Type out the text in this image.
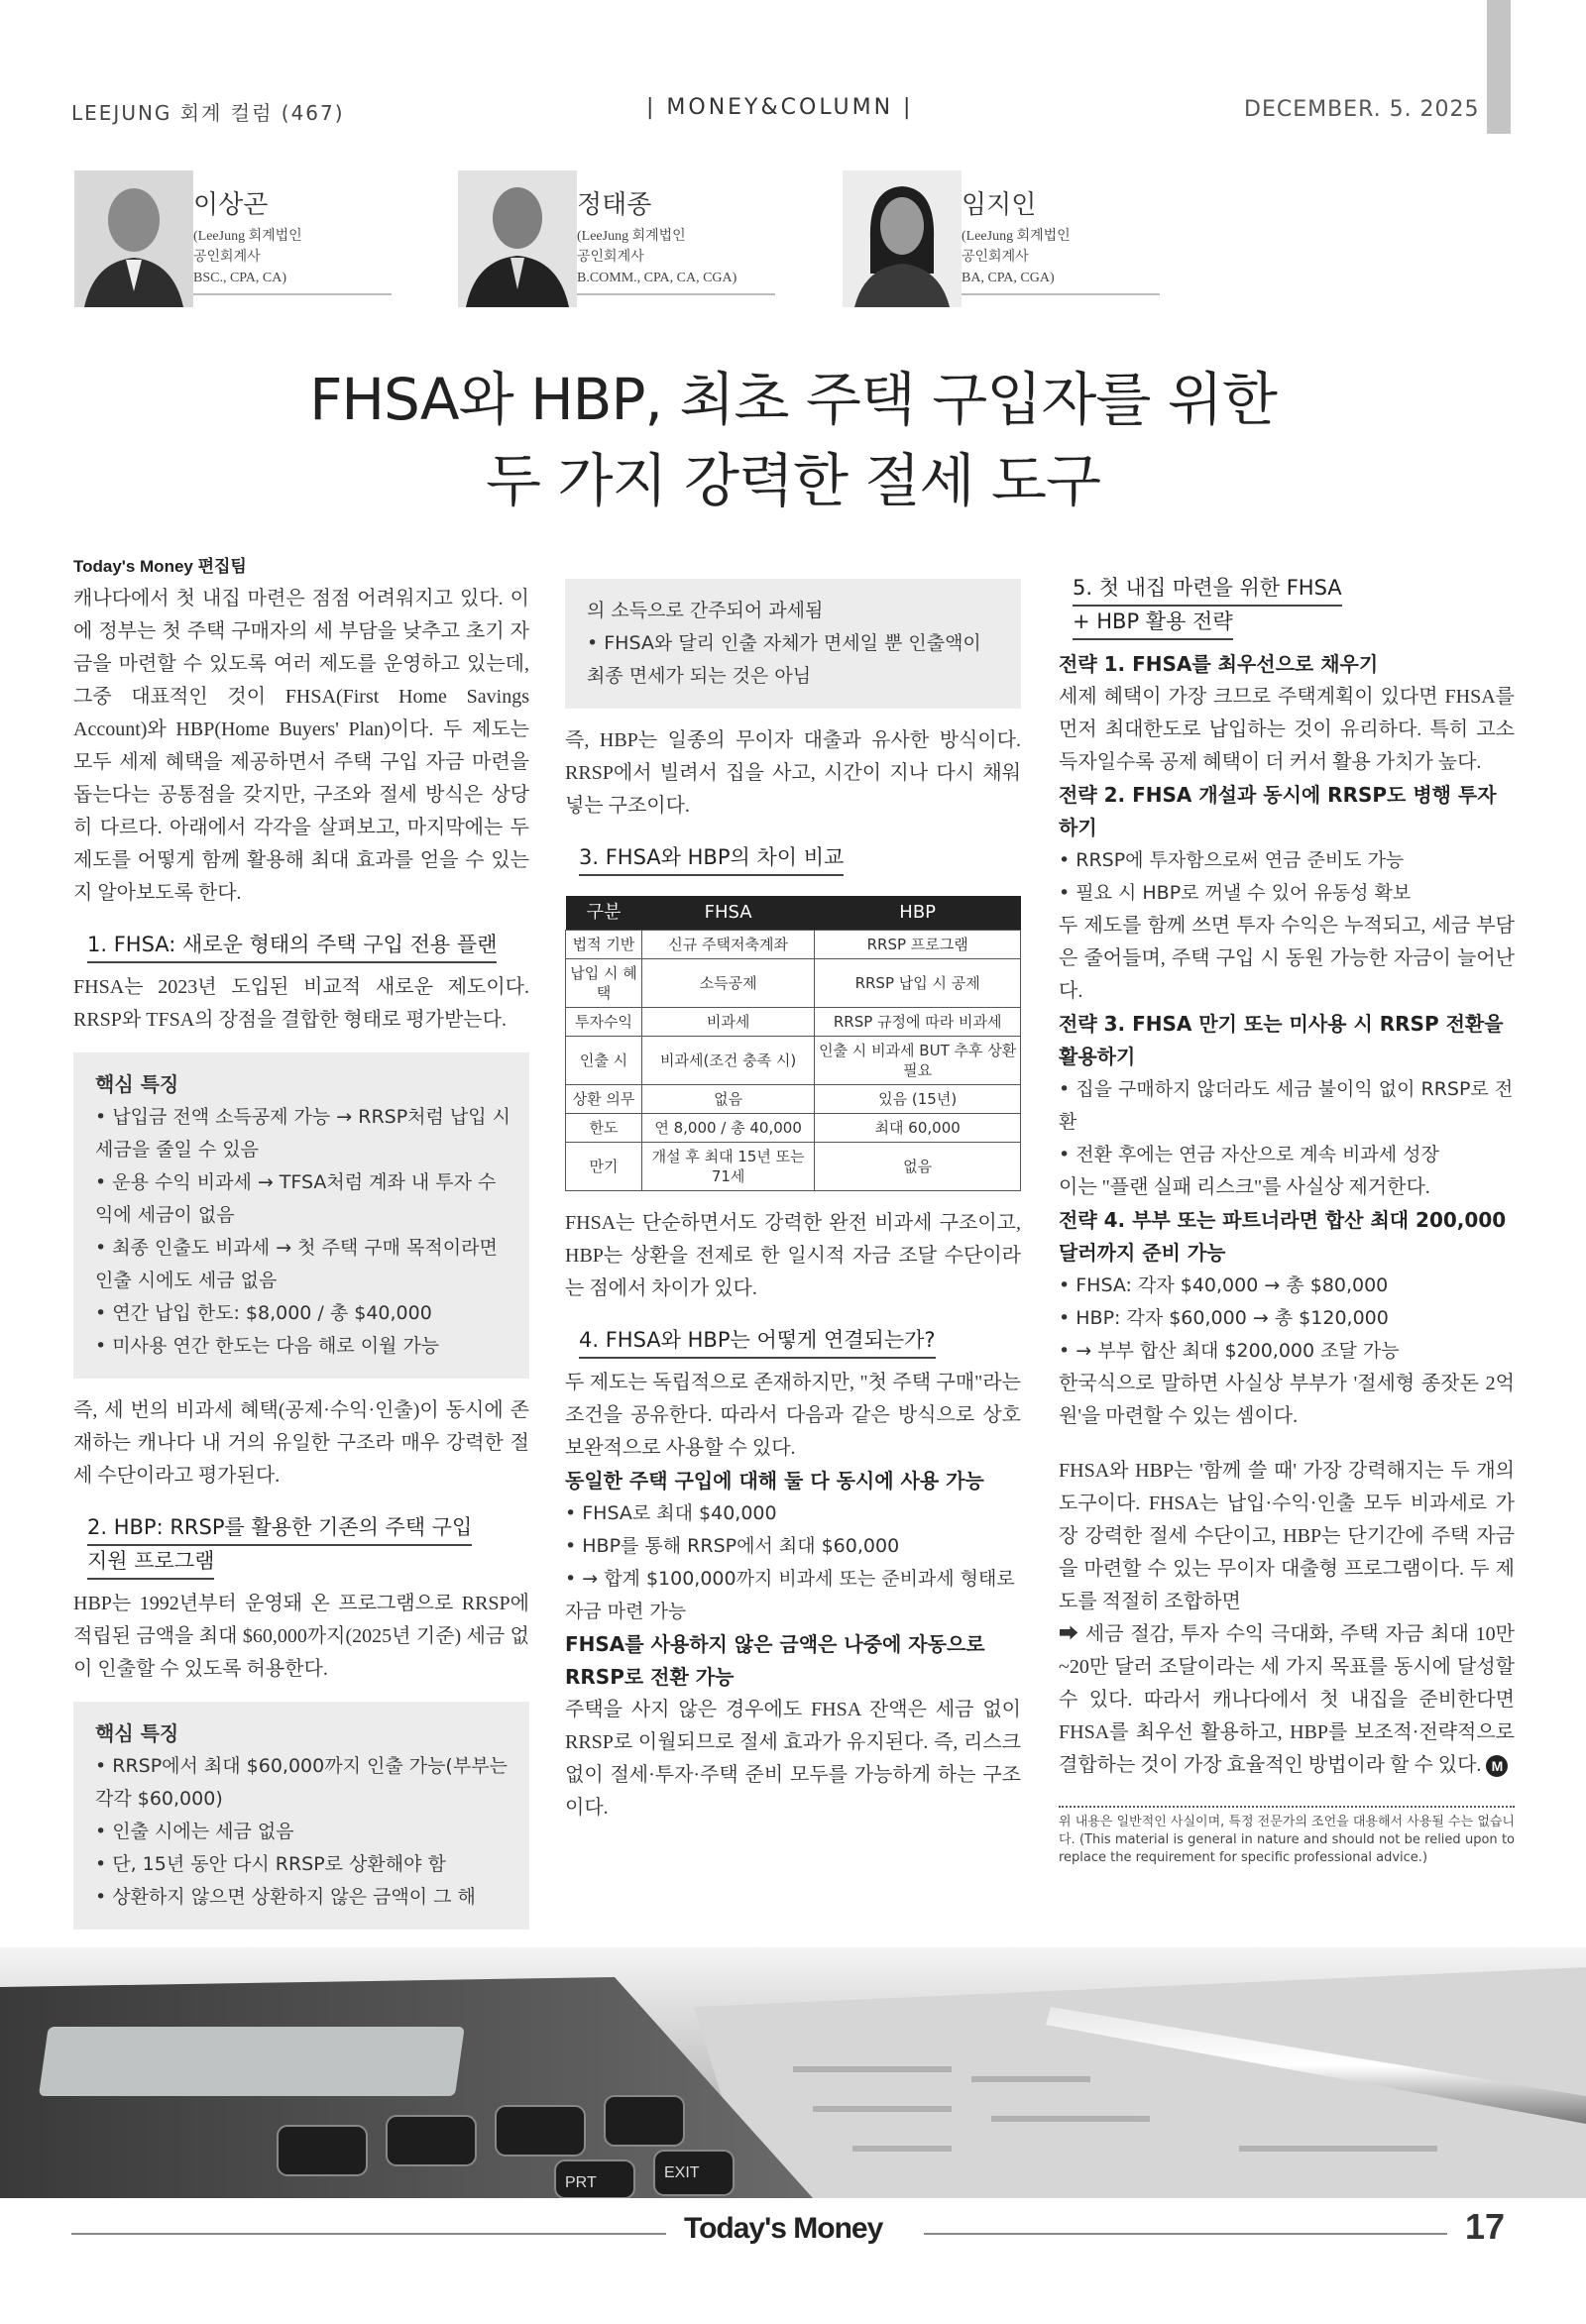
LEEJUNG 회계 컬럼 (467)	| MONEY&COLUMN |	DECEMBER. 5. 2025
이상곤
(LeeJung 회계법인
공인회계사
BSC., CPA, CA)
정태종
(LeeJung 회계법인
공인회계사
B.COMM., CPA, CA, CGA)
임지인
(LeeJung 회계법인
공인회계사
BA, CPA, CGA)
FHSA와 HBP, 최초 주택 구입자를 위한
두 가지 강력한 절세 도구
Today's Money 편집팀

캐나다에서 첫 내집 마련은 점점 어려워지고 있다. 이에 정부는 첫 주택 구매자의 세 부담을 낮추고 초기 자금을 마련할 수 있도록 여러 제도를 운영하고 있는데, 그중 대표적인 것이 FHSA(First Home Savings Account)와 HBP(Home Buyers' Plan)이다. 두 제도는 모두 세제 혜택을 제공하면서 주택 구입 자금 마련을 돕는다는 공통점을 갖지만, 구조와 절세 방식은 상당히 다르다. 아래에서 각각을 살펴보고, 마지막에는 두 제도를 어떻게 함께 활용해 최대 효과를 얻을 수 있는지 알아보도록 한다.

1. FHSA: 새로운 형태의 주택 구입 전용 플랜

FHSA는 2023년 도입된 비교적 새로운 제도이다. RRSP와 TFSA의 장점을 결합한 형태로 평가받는다.

핵심 특징
• 납입금 전액 소득공제 가능 → RRSP처럼 납입 시 세금을 줄일 수 있음
• 운용 수익 비과세 → TFSA처럼 계좌 내 투자 수익에 세금이 없음
• 최종 인출도 비과세 → 첫 주택 구매 목적이라면 인출 시에도 세금 없음
• 연간 납입 한도: $8,000 / 총 $40,000
• 미사용 연간 한도는 다음 해로 이월 가능

즉, 세 번의 비과세 혜택(공제·수익·인출)이 동시에 존재하는 캐나다 내 거의 유일한 구조라 매우 강력한 절세 수단이라고 평가된다.

2. HBP: RRSP를 활용한 기존의 주택 구입
지원 프로그램

HBP는 1992년부터 운영돼 온 프로그램으로 RRSP에 적립된 금액을 최대 $60,000까지(2025년 기준) 세금 없이 인출할 수 있도록 허용한다.

핵심 특징
• RRSP에서 최대 $60,000까지 인출 가능(부부는 각각 $60,000)
• 인출 시에는 세금 없음
• 단, 15년 동안 다시 RRSP로 상환해야 함
• 상환하지 않으면 상환하지 않은 금액이 그 해
의 소득으로 간주되어 과세됨
• FHSA와 달리 인출 자체가 면세일 뿐 인출액이 최종 면세가 되는 것은 아님

즉, HBP는 일종의 무이자 대출과 유사한 방식이다. RRSP에서 빌려서 집을 사고, 시간이 지나 다시 채워 넣는 구조이다.

3. FHSA와 HBP의 차이 비교
구분	FHSA	HBP
법적 기반	신규 주택저축계좌	RRSP 프로그램
납입 시 혜택	소득공제	RRSP 납입 시 공제
투자수익	비과세	RRSP 규정에 따라 비과세
인출 시	비과세(조건 충족 시)	인출 시 비과세 BUT 추후 상환 필요
상환 의무	없음	있음 (15년)
한도	연 8,000 / 총 40,000	최대 60,000
만기	개설 후 최대 15년 또는 71세	없음

FHSA는 단순하면서도 강력한 완전 비과세 구조이고, HBP는 상환을 전제로 한 일시적 자금 조달 수단이라는 점에서 차이가 있다.

4. FHSA와 HBP는 어떻게 연결되는가?

두 제도는 독립적으로 존재하지만, "첫 주택 구매"라는 조건을 공유한다. 따라서 다음과 같은 방식으로 상호 보완적으로 사용할 수 있다.

동일한 주택 구입에 대해 둘 다 동시에 사용 가능
• FHSA로 최대 $40,000
• HBP를 통해 RRSP에서 최대 $60,000
• → 합계 $100,000까지 비과세 또는 준비과세 형태로 자금 마련 가능
FHSA를 사용하지 않은 금액은 나중에 자동으로 RRSP로 전환 가능

주택을 사지 않은 경우에도 FHSA 잔액은 세금 없이 RRSP로 이월되므로 절세 효과가 유지된다. 즉, 리스크 없이 절세·투자·주택 준비 모두를 가능하게 하는 구조이다.

5. 첫 내집 마련을 위한 FHSA
+ HBP 활용 전략
전략 1. FHSA를 최우선으로 채우기

세제 혜택이 가장 크므로 주택계획이 있다면 FHSA를 먼저 최대한도로 납입하는 것이 유리하다. 특히 고소득자일수록 공제 혜택이 더 커서 활용 가치가 높다.

전략 2. FHSA 개설과 동시에 RRSP도 병행 투자하기
• RRSP에 투자함으로써 연금 준비도 가능
• 필요 시 HBP로 꺼낼 수 있어 유동성 확보

두 제도를 함께 쓰면 투자 수익은 누적되고, 세금 부담은 줄어들며, 주택 구입 시 동원 가능한 자금이 늘어난다.

전략 3. FHSA 만기 또는 미사용 시 RRSP 전환을 활용하기
• 집을 구매하지 않더라도 세금 불이익 없이 RRSP로 전환
• 전환 후에는 연금 자산으로 계속 비과세 성장

이는 "플랜 실패 리스크"를 사실상 제거한다.

전략 4. 부부 또는 파트너라면 합산 최대 200,000 달러까지 준비 가능
• FHSA: 각자 $40,000 → 총 $80,000
• HBP: 각자 $60,000 → 총 $120,000
• → 부부 합산 최대 $200,000 조달 가능

한국식으로 말하면 사실상 부부가 '절세형 종잣돈 2억 원'을 마련할 수 있는 셈이다.

FHSA와 HBP는 '함께 쓸 때' 가장 강력해지는 두 개의 도구이다. FHSA는 납입·수익·인출 모두 비과세로 가장 강력한 절세 수단이고, HBP는 단기간에 주택 자금을 마련할 수 있는 무이자 대출형 프로그램이다. 두 제도를 적절히 조합하면

➡ 세금 절감, 투자 수익 극대화, 주택 자금 최대 10만~20만 달러 조달이라는 세 가지 목표를 동시에 달성할 수 있다. 따라서 캐나다에서 첫 내집을 준비한다면FHSA를 최우선 활용하고, HBP를 보조적·전략적으로 결합하는 것이 가장 효율적인 방법이라 할 수 있다. M

위 내용은 일반적인 사실이며, 특정 전문가의 조언을 대용해서 사용될 수는 없습니다. (This material is general in nature and should not be relied upon to replace the requirement for specific professional advice.)
PRT
EXIT
Today's Money	17
